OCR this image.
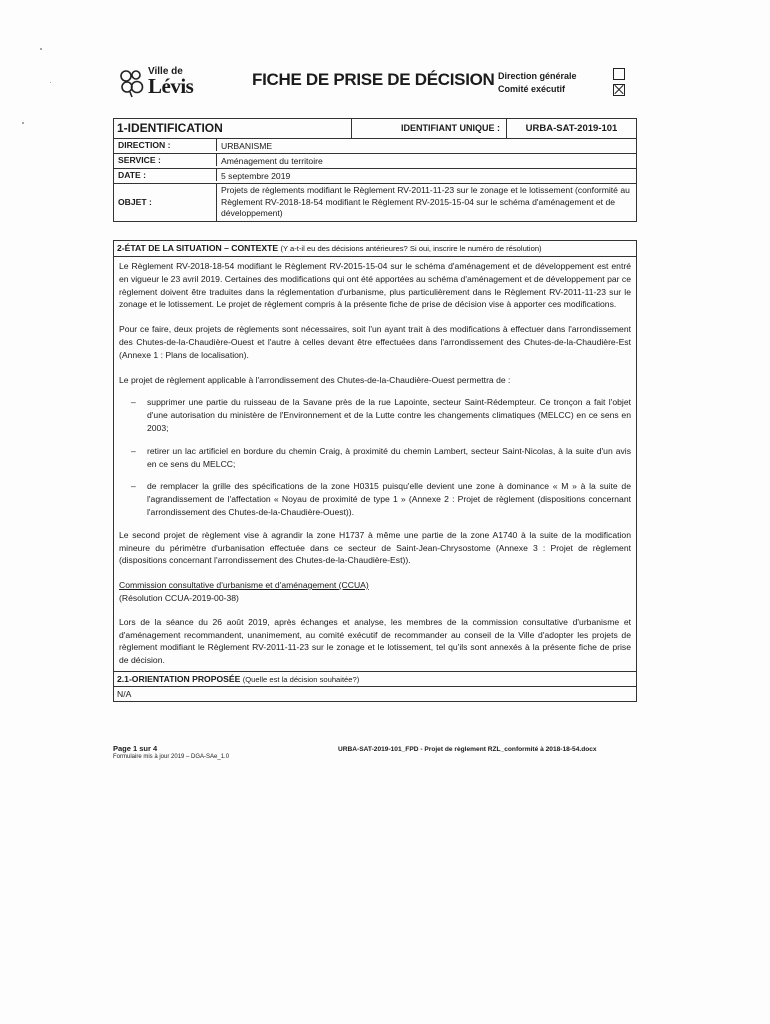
Ville de
Lévis	FICHE DE PRISE DE DÉCISION Direction générale
Comité exécutif
1-IDENTIFICATION	IDENTIFIANT UNIQUE :	URBA-SAT-2019-101
DIRECTION :	URBANISME
SERVICE :	Aménagement du territoire
DATE :	5 septembre 2019
OBJET :
Projets de règlements modifiant le Règlement RV-2011-11-23 sur le zonage et le lotissement (conformité au Règlement RV-2018-18-54 modifiant le Règlement RV-2015-15-04 sur le schéma d'aménagement et de développement)
2-ÉTAT DE LA SITUATION – CONTEXTE (Y a-t-il eu des décisions antérieures? Si oui, inscrire le numéro de résolution)

Le Règlement RV-2018-18-54 modifiant le Règlement RV-2015-15-04 sur le schéma d'aménagement et de développement est entré en vigueur le 23 avril 2019. Certaines des modifications qui ont été apportées au schéma d'aménagement et de développement par ce règlement doivent être traduites dans la réglementation d'urbanisme, plus particulièrement dans le Règlement RV-2011-11-23 sur le zonage et le lotissement. Le projet de règlement compris à la présente fiche de prise de décision vise à apporter ces modifications.

Pour ce faire, deux projets de règlements sont nécessaires, soit l'un ayant trait à des modifications à effectuer dans l'arrondissement des Chutes-de-la-Chaudière-Ouest et l'autre à celles devant être effectuées dans l'arrondissement des Chutes-de-la-Chaudière-Est (Annexe 1 : Plans de localisation).

Le projet de règlement applicable à l'arrondissement des Chutes-de-la-Chaudière-Ouest permettra de :

– supprimer une partie du ruisseau de la Savane près de la rue Lapointe, secteur Saint-Rédempteur. Ce tronçon a fait l'objet d'une autorisation du ministère de l'Environnement et de la Lutte contre les changements climatiques (MELCC) en ce sens en 2003;
– retirer un lac artificiel en bordure du chemin Craig, à proximité du chemin Lambert, secteur Saint-Nicolas, à la suite d'un avis en ce sens du MELCC;
– de remplacer la grille des spécifications de la zone H0315 puisqu'elle devient une zone à dominance « M » à la suite de l'agrandissement de l'affectation « Noyau de proximité de type 1 » (Annexe 2 : Projet de règlement (dispositions concernant l'arrondissement des Chutes-de-la-Chaudière-Ouest)).

Le second projet de règlement vise à agrandir la zone H1737 à même une partie de la zone A1740 à la suite de la modification mineure du périmètre d'urbanisation effectuée dans ce secteur de Saint-Jean-Chrysostome (Annexe 3 : Projet de règlement (dispositions concernant l'arrondissement des Chutes-de-la-Chaudière-Est)).

Commission consultative d'urbanisme et d'aménagement (CCUA)
(Résolution CCUA-2019-00-38)

Lors de la séance du 26 août 2019, après échanges et analyse, les membres de la commission consultative d'urbanisme et d'aménagement recommandent, unanimement, au comité exécutif de recommander au conseil de la Ville d'adopter les projets de règlement modifiant le Règlement RV-2011-11-23 sur le zonage et le lotissement, tel qu'ils sont annexés à la présente fiche de prise de décision.

2.1-ORIENTATION PROPOSÉE (Quelle est la décision souhaitée?)
N/A
Page 1 sur 4
Formulaire mis à jour 2019 – DGA-SAe_1.0
URBA-SAT-2019-101_FPD - Projet de règlement RZL_conformité à 2018-18-54.docx
